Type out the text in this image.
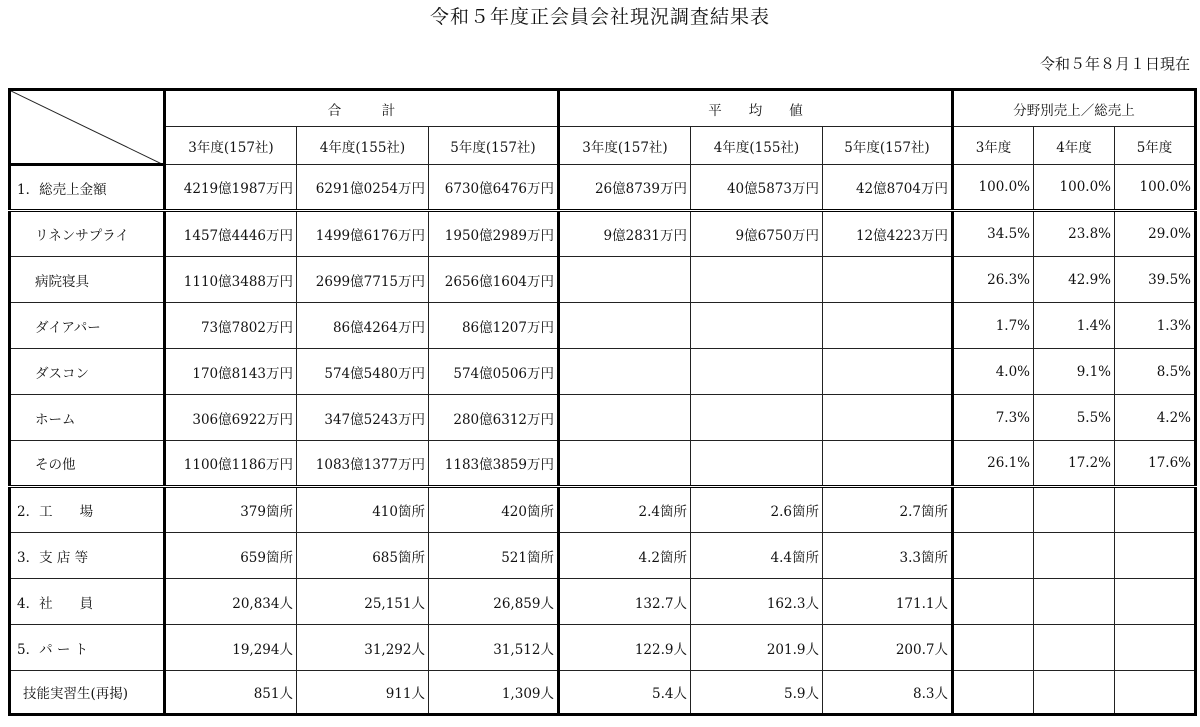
令和５年度正会員会社現況調査結果表
令和５年８月１日現在
	合　　　計			平　　均　　値			分野別売上／総売上		
	3年度(157社)	4年度(155社)	5年度(157社)	3年度(157社)	4年度(155社)	5年度(157社)	3年度	4年度	5年度
1．総売上金額	4219億1987万円	6291億0254万円	6730億6476万円	26億8739万円	40億5873万円	42億8704万円	100.0%	100.0%	100.0%
リネンサプライ	1457億4446万円	1499億6176万円	1950億2989万円	9億2831万円	9億6750万円	12億4223万円	34.5%	23.8%	29.0%
病院寝具	1110億3488万円	2699億7715万円	2656億1604万円				26.3%	42.9%	39.5%
ダイアパー	73億7802万円	86億4264万円	86億1207万円				1.7%	1.4%	1.3%
ダスコン	170億8143万円	574億5480万円	574億0506万円				4.0%	9.1%	8.5%
ホーム	306億6922万円	347億5243万円	280億6312万円				7.3%	5.5%	4.2%
その他	1100億1186万円	1083億1377万円	1183億3859万円				26.1%	17.2%	17.6%
2．工　　場	379箇所	410箇所	420箇所	2.4箇所	2.6箇所	2.7箇所			
3．支 店 等	659箇所	685箇所	521箇所	4.2箇所	4.4箇所	3.3箇所			
4．社　　員	20,834人	25,151人	26,859人	132.7人	162.3人	171.1人			
5．パ ー ト	19,294人	31,292人	31,512人	122.9人	201.9人	200.7人			
技能実習生(再掲)	851人	911人	1,309人	5.4人	5.9人	8.3人			
